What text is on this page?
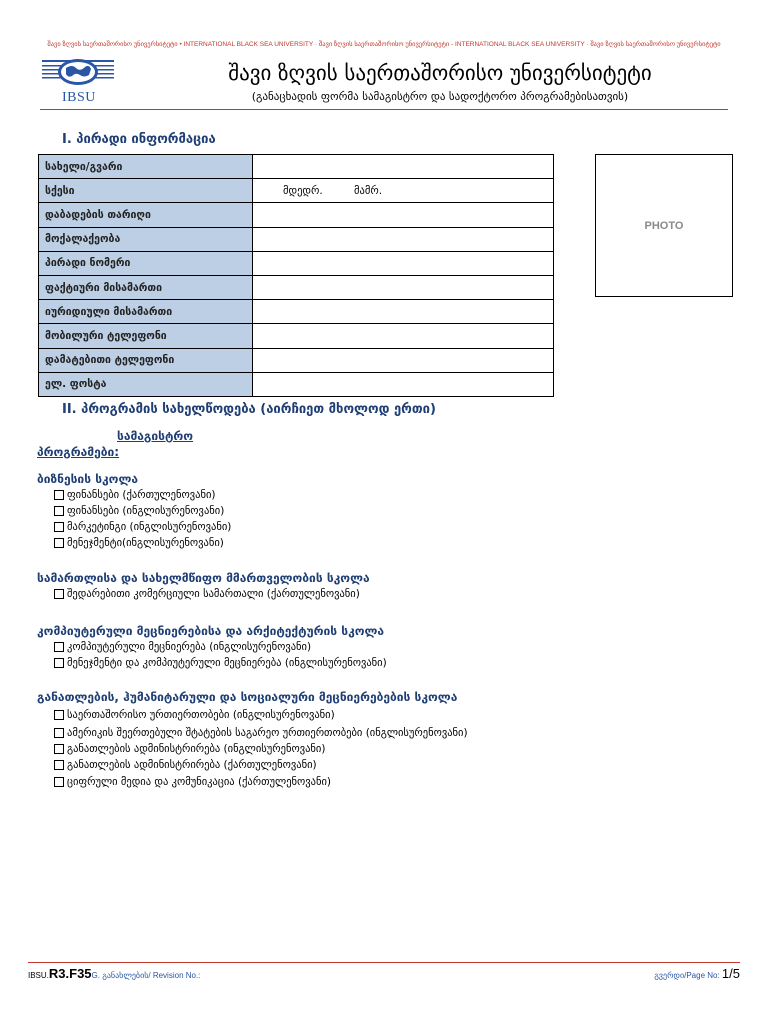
შავი ზღვის საერთაშორისო უნივერსიტეტი • INTERNATIONAL BLACK SEA UNIVERSITY · შავი ზღვის საერთაშორისო უნივერსიტეტი - INTERNATIONAL BLACK SEA UNIVERSITY · შავი ზღვის საერთაშორისო უნივერსიტეტი
IBSU
შავი ზღვის საერთაშორისო უნივერსიტეტი
(განაცხადის ფორმა სამაგისტრო და სადოქტორო პროგრამებისათვის)
I. პირადი ინფორმაცია
სახელი/გვარი	
სქესი	მდედრ. მამრ.
დაბადების თარიღი	
მოქალაქეობა	
პირადი ნომერი	
ფაქტიური მისამართი	
იურიდიული მისამართი	
მობილური ტელეფონი	
დამატებითი ტელეფონი	
ელ. ფოსტა	
PHOTO
II. პროგრამის სახელწოდება (აირჩიეთ მხოლოდ ერთი)
სამაგისტრო
პროგრამები:
ბიზნესის სკოლა
ფინანსები (ქართულენოვანი)
ფინანსები (ინგლისურენოვანი)
მარკეტინგი (ინგლისურენოვანი)
მენეჯმენტი(ინგლისურენოვანი)
სამართლისა და სახელმწიფო მმართველობის სკოლა
შედარებითი კომერციული სამართალი (ქართულენოვანი)
კომპიუტერული მეცნიერებისა და არქიტექტურის სკოლა
კომპიუტერული მეცნიერება (ინგლისურენოვანი)
მენეჯმენტი და კომპიუტერული მეცნიერება (ინგლისურენოვანი)
განათლების, ჰუმანიტარული და სოციალური მეცნიერებების სკოლა
საერთაშორისო ურთიერთობები (ინგლისურენოვანი)
ამერიკის შეერთებული შტატების საგარეო ურთიერთობები (ინგლისურენოვანი)
განათლების ადმინისტრირება (ინგლისურენოვანი)
განათლების ადმინისტრირება (ქართულენოვანი)
ციფრული მედია და კომუნიკაცია (ქართულენოვანი)
IBSU.R3.F35G. განახლების/ Revision No.:	გვერდი/Page No: 1/5
